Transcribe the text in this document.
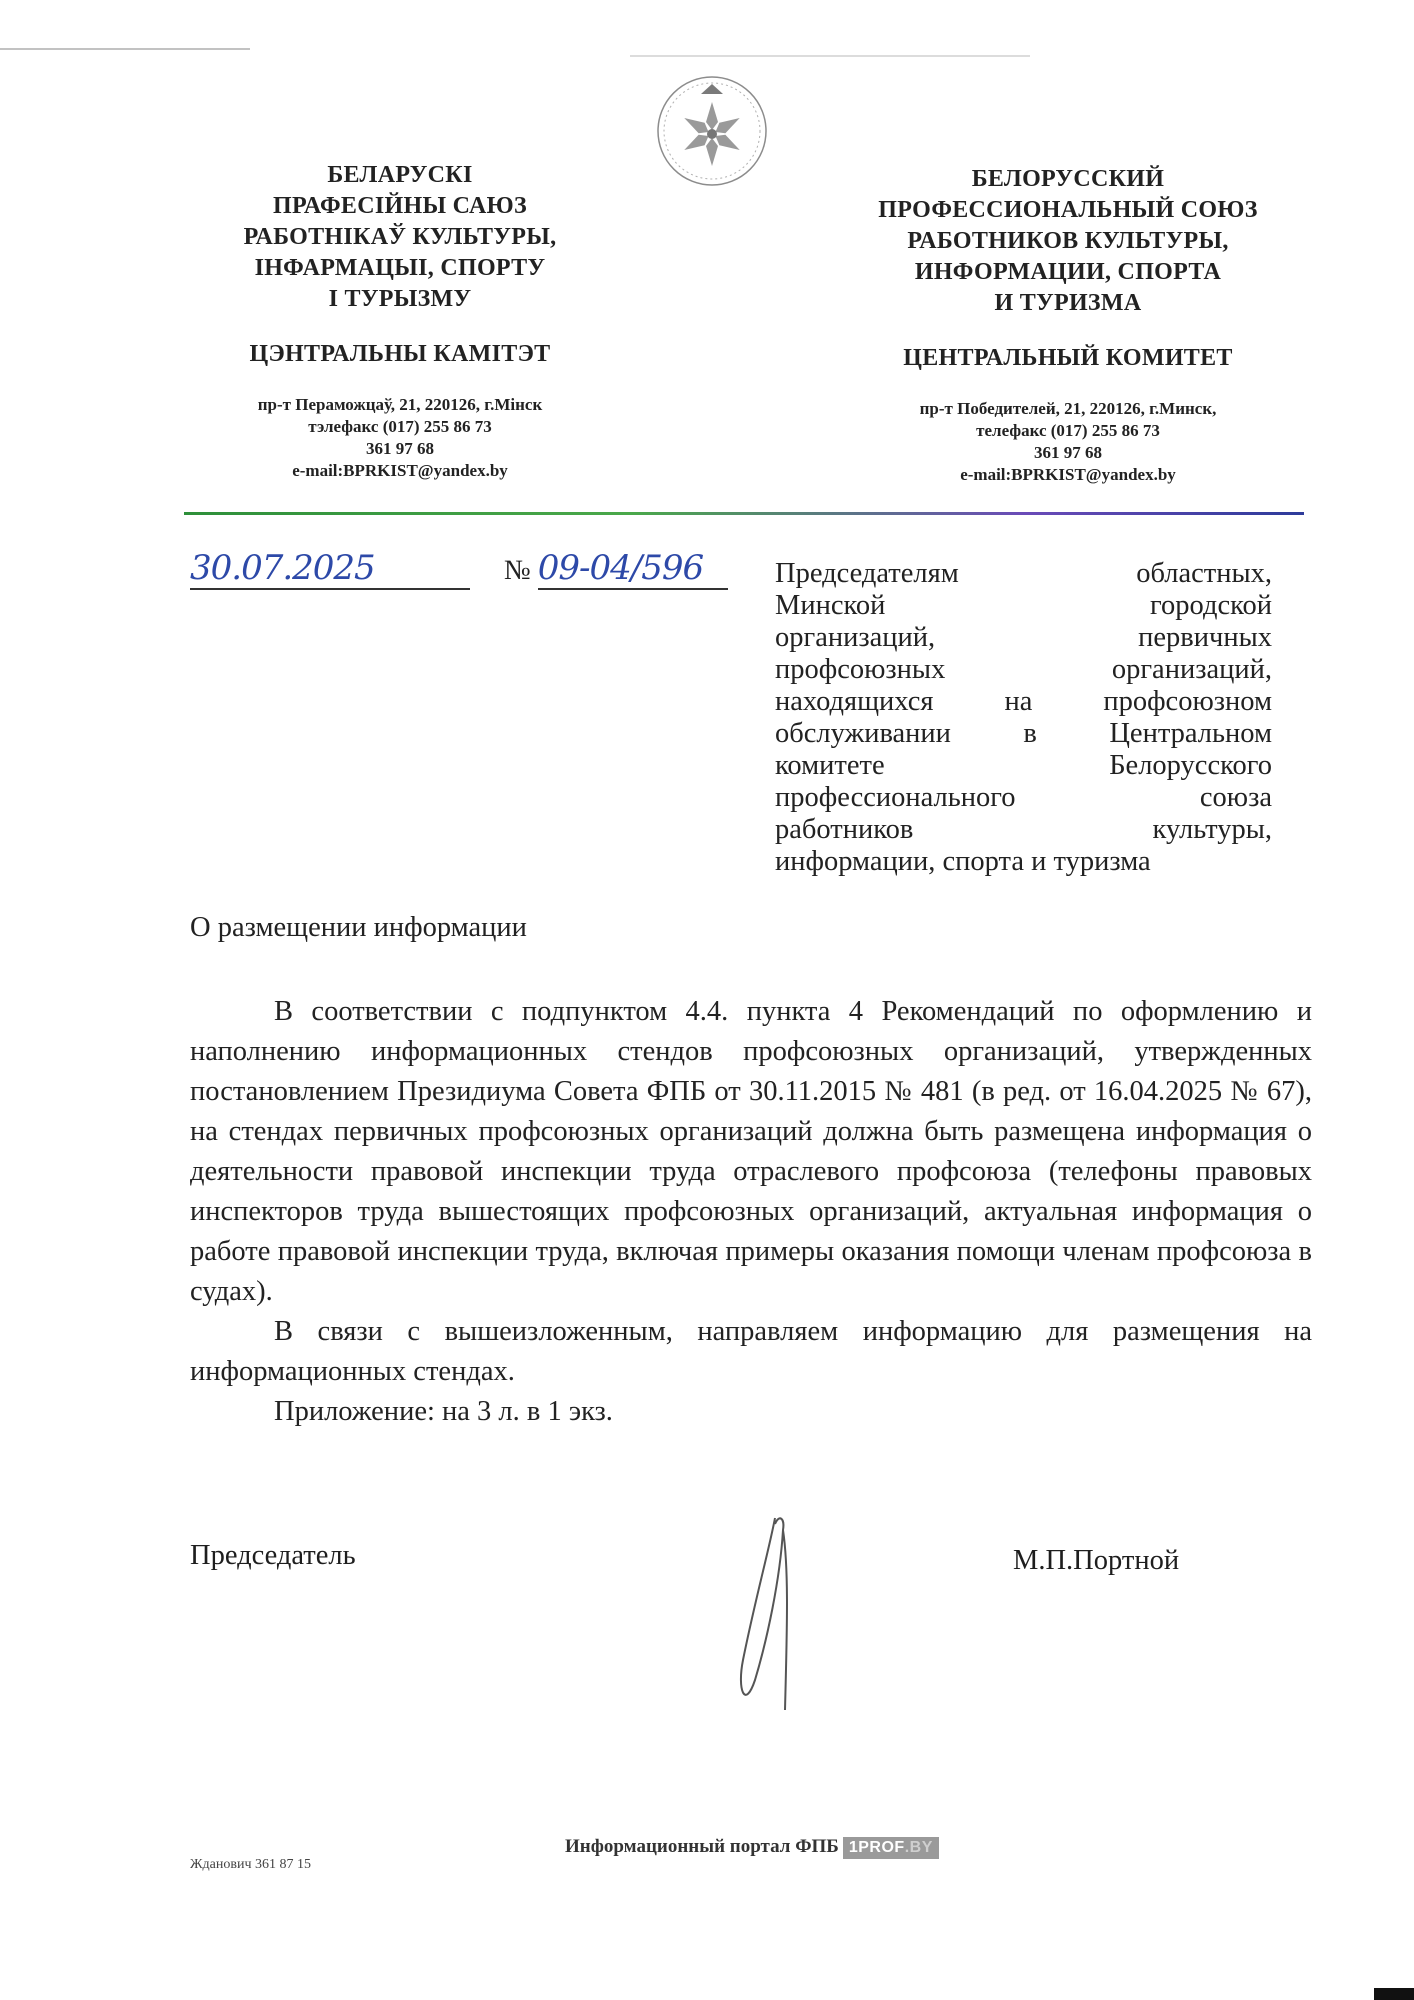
БЕЛАРУСКІ
ПРАФЕСІЙНЫ САЮЗ
РАБОТНІКАЎ КУЛЬТУРЫ,
ІНФАРМАЦЫІ, СПОРТУ
І ТУРЫЗМУ
ЦЭНТРАЛЬНЫ КАМІТЭТ
пр-т Пераможцаў, 21, 220126, г.Мінск
тэлефакс (017) 255 86 73
361 97 68
e-mail:BPRKIST@yandex.by
БЕЛОРУССКИЙ
ПРОФЕССИОНАЛЬНЫЙ СОЮЗ
РАБОТНИКОВ КУЛЬТУРЫ,
ИНФОРМАЦИИ, СПОРТА
И ТУРИЗМА
ЦЕНТРАЛЬНЫЙ КОМИТЕТ
пр-т Победителей, 21, 220126, г.Минск,
телефакс (017) 255 86 73
361 97 68
e-mail:BPRKIST@yandex.by
30.07.2025	№ 09-04/596	Председателям областных,
Минской городской
организаций, первичных
профсоюзных организаций,
находящихся на профсоюзном
обслуживании в Центральном
комитете Белорусского
профессионального союза
работников культуры,
информации, спорта и туризма
О размещении информации

В соответствии с подпунктом 4.4. пункта 4 Рекомендаций по оформлению и наполнению информационных стендов профсоюзных организаций, утвержденных постановлением Президиума Совета ФПБ от 30.11.2015 № 481 (в ред. от 16.04.2025 № 67), на стендах первичных профсоюзных организаций должна быть размещена информация о деятельности правовой инспекции труда отраслевого профсоюза (телефоны правовых инспекторов труда вышестоящих профсоюзных организаций, актуальная информация о работе правовой инспекции труда, включая примеры оказания помощи членам профсоюза в судах).

В связи с вышеизложенным, направляем информацию для размещения на информационных стендах.

Приложение: на 3 л. в 1 экз.

Председатель	М.П.Портной
Жданович 361 87 15
Информационный портал ФПБ 1PROF.BY
